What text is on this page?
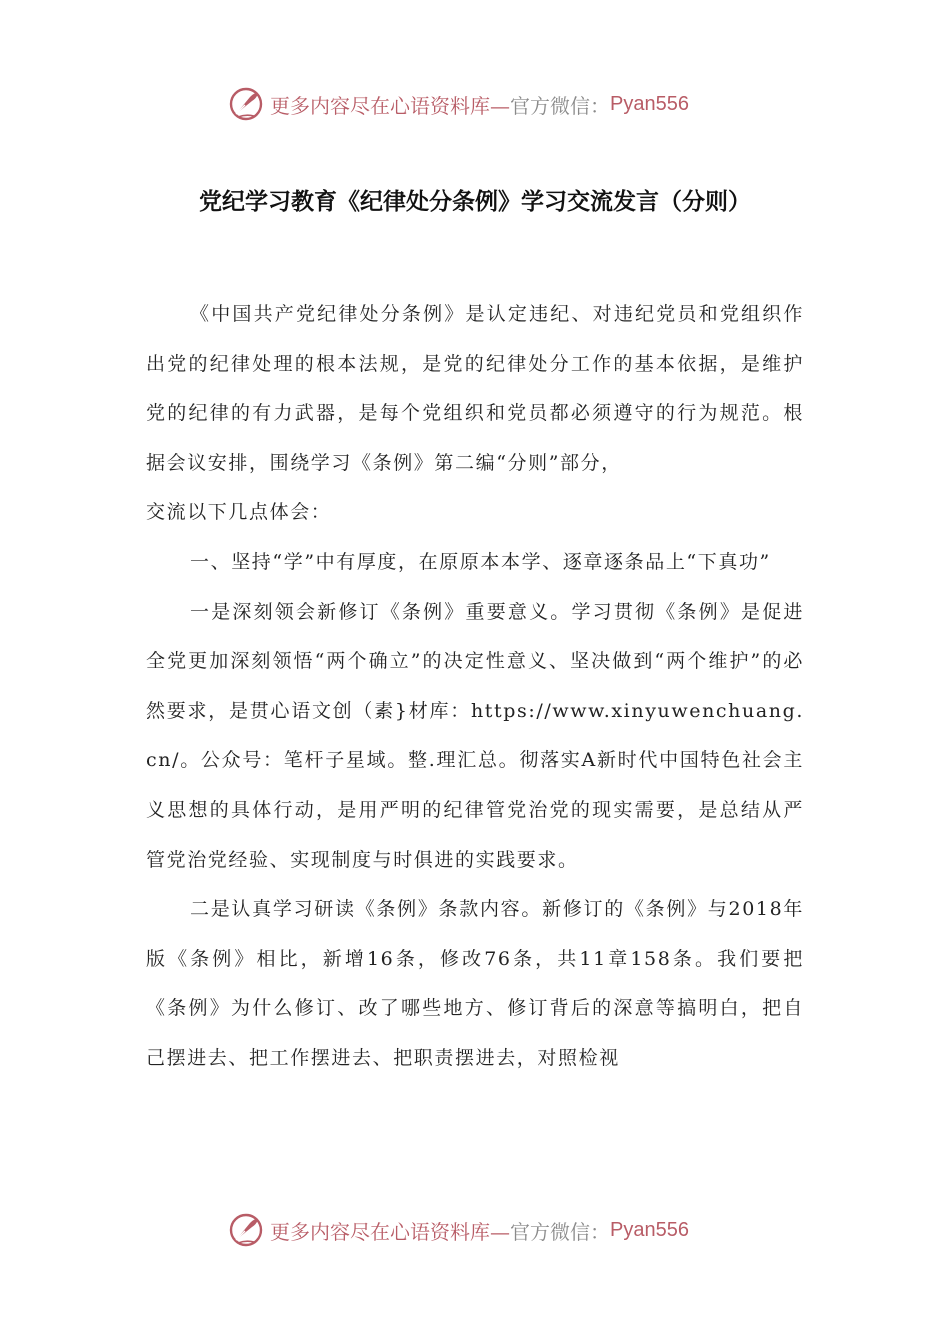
更多内容尽在心语资料库— 官方微信： Pyan556
党纪学习教育《纪律处分条例》学习交流发言（分则）

《中国共产党纪律处分条例》是认定违纪、对违纪党员和党组织作出党的纪律处理的根本法规，是党的纪律处分工作的基本依据，是维护党的纪律的有力武器，是每个党组织和党员都必须遵守的行为规范。根据会议安排，围绕学习《条例》第二编“分则”部分，

交流以下几点体会：

一、坚持“学”中有厚度，在原原本本学、逐章逐条品上“下真功”

一是深刻领会新修订《条例》重要意义。学习贯彻《条例》是促进全党更加深刻领悟“两个确立”的决定性意义、坚决做到“两个维护”的必然要求，是贯心语文创（素}材库：https://www.xinyuwenchuang.cn/。公众号：笔杆子星域。整.理汇总。彻落实A新时代中国特色社会主义思想的具体行动，是用严明的纪律管党治党的现实需要，是总结从严管党治党经验、实现制度与时俱进的实践要求。

二是认真学习研读《条例》条款内容。新修订的《条例》与2018年版《条例》相比，新增16条，修改76条，共11章158条。我们要把《条例》为什么修订、改了哪些地方、修订背后的深意等搞明白，把自己摆进去、把工作摆进去、把职责摆进去，对照检视

更多内容尽在心语资料库— 官方微信： Pyan556
